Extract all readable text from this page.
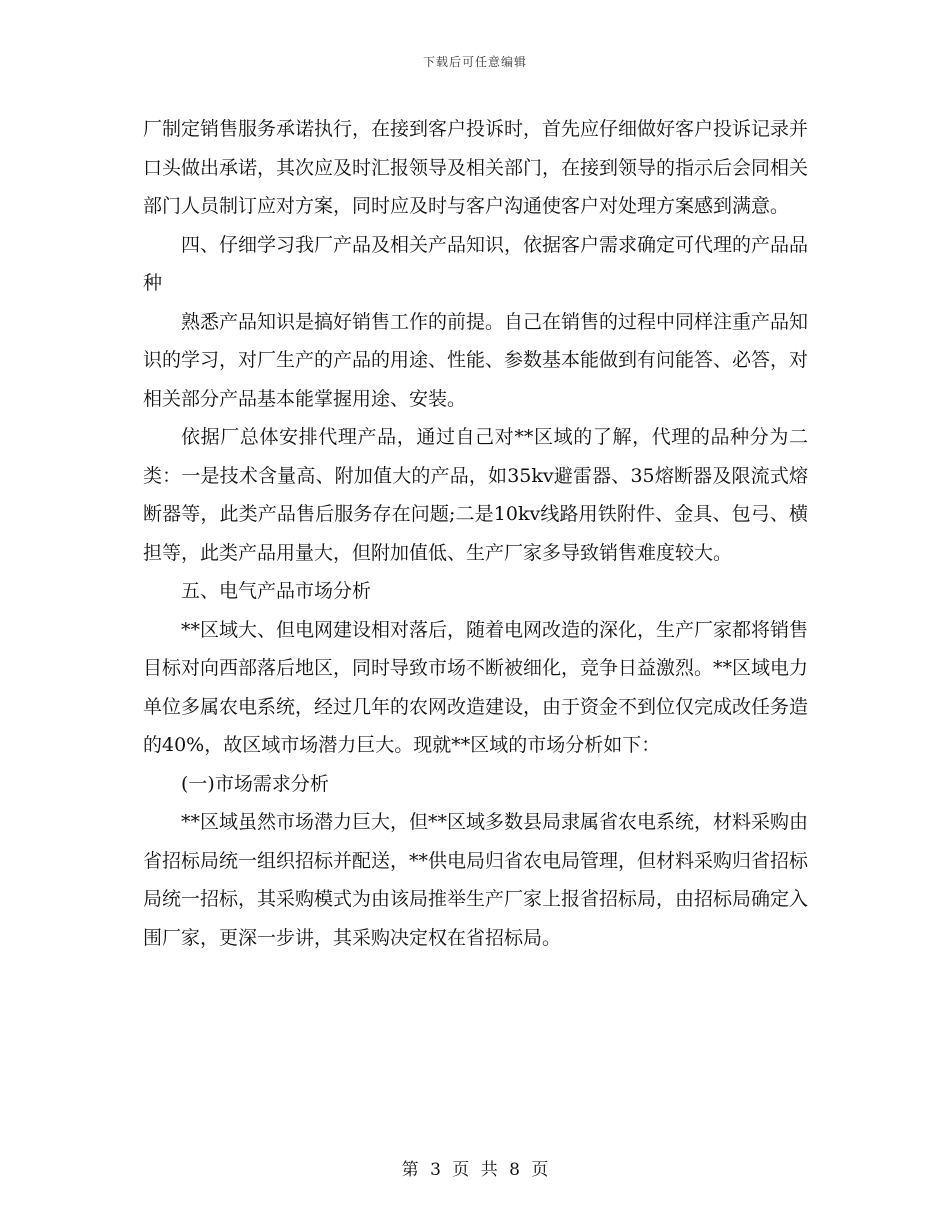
下载后可任意编辑

厂制定销售服务承诺执行，在接到客户投诉时，首先应仔细做好客户投诉记录并口头做出承诺，其次应及时汇报领导及相关部门，在接到领导的指示后会同相关部门人员制订应对方案，同时应及时与客户沟通使客户对处理方案感到满意。

四、仔细学习我厂产品及相关产品知识，依据客户需求确定可代理的产品品种

熟悉产品知识是搞好销售工作的前提。自己在销售的过程中同样注重产品知识的学习，对厂生产的产品的用途、性能、参数基本能做到有问能答、必答，对相关部分产品基本能掌握用途、安装。

依据厂总体安排代理产品，通过自己对**区域的了解，代理的品种分为二类：一是技术含量高、附加值大的产品，如35kv避雷器、35熔断器及限流式熔断器等，此类产品售后服务存在问题;二是10kv线路用铁附件、金具、包弓、横担等，此类产品用量大，但附加值低、生产厂家多导致销售难度较大。

五、电气产品市场分析

**区域大、但电网建设相对落后，随着电网改造的深化，生产厂家都将销售目标对向西部落后地区，同时导致市场不断被细化，竞争日益激烈。**区域电力单位多属农电系统，经过几年的农网改造建设，由于资金不到位仅完成改任务造的40%，故区域市场潜力巨大。现就**区域的市场分析如下：

(一)市场需求分析

**区域虽然市场潜力巨大，但**区域多数县局隶属省农电系统，材料采购由省招标局统一组织招标并配送，**供电局归省农电局管理，但材料采购归省招标局统一招标，其采购模式为由该局推举生产厂家上报省招标局，由招标局确定入围厂家，更深一步讲，其采购决定权在省招标局。

第 3 页 共 8 页
